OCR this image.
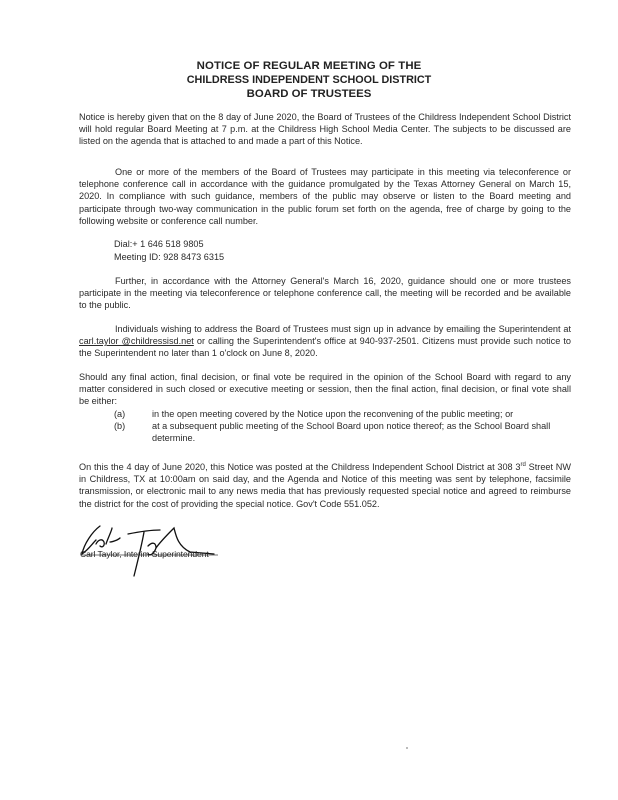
NOTICE OF REGULAR MEETING OF THE
CHILDRESS INDEPENDENT SCHOOL DISTRICT
BOARD OF TRUSTEES

Notice is hereby given that on the 8 day of June 2020, the Board of Trustees of the Childress Independent School District will hold regular Board Meeting at 7 p.m. at the Childress High School Media Center. The subjects to be discussed are listed on the agenda that is attached to and made a part of this Notice.

One or more of the members of the Board of Trustees may participate in this meeting via teleconference or telephone conference call in accordance with the guidance promulgated by the Texas Attorney General on March 15, 2020. In compliance with such guidance, members of the public may observe or listen to the Board meeting and participate through two-way communication in the public forum set forth on the agenda, free of charge by going to the following website or conference call number.

Dial:+ 1 646 518 9805
Meeting ID: 928 8473 6315

Further, in accordance with the Attorney General's March 16, 2020, guidance should one or more trustees participate in the meeting via teleconference or telephone conference call, the meeting will be recorded and be available to the public.

Individuals wishing to address the Board of Trustees must sign up in advance by emailing the Superintendent at carl.taylor @childressisd.net or calling the Superintendent's office at 940-937-2501. Citizens must provide such notice to the Superintendent no later than 1 o'clock on June 8, 2020.

Should any final action, final decision, or final vote be required in the opinion of the School Board with regard to any matter considered in such closed or executive meeting or session, then the final action, final decision, or final vote shall be either:

(a)	in the open meeting covered by the Notice upon the reconvening of the public meeting; or
(b)	at a subsequent public meeting of the School Board upon notice thereof; as the School Board shall determine.

On this the 4 day of June 2020, this Notice was posted at the Childress Independent School District at 308 3rd Street NW in Childress, TX at 10:00am on said day, and the Agenda and Notice of this meeting was sent by telephone, facsimile transmission, or electronic mail to any news media that has previously requested special notice and agreed to reimburse the district for the cost of providing the special notice. Gov't Code 551.052.

Carl Taylor, Interim Superintendent
